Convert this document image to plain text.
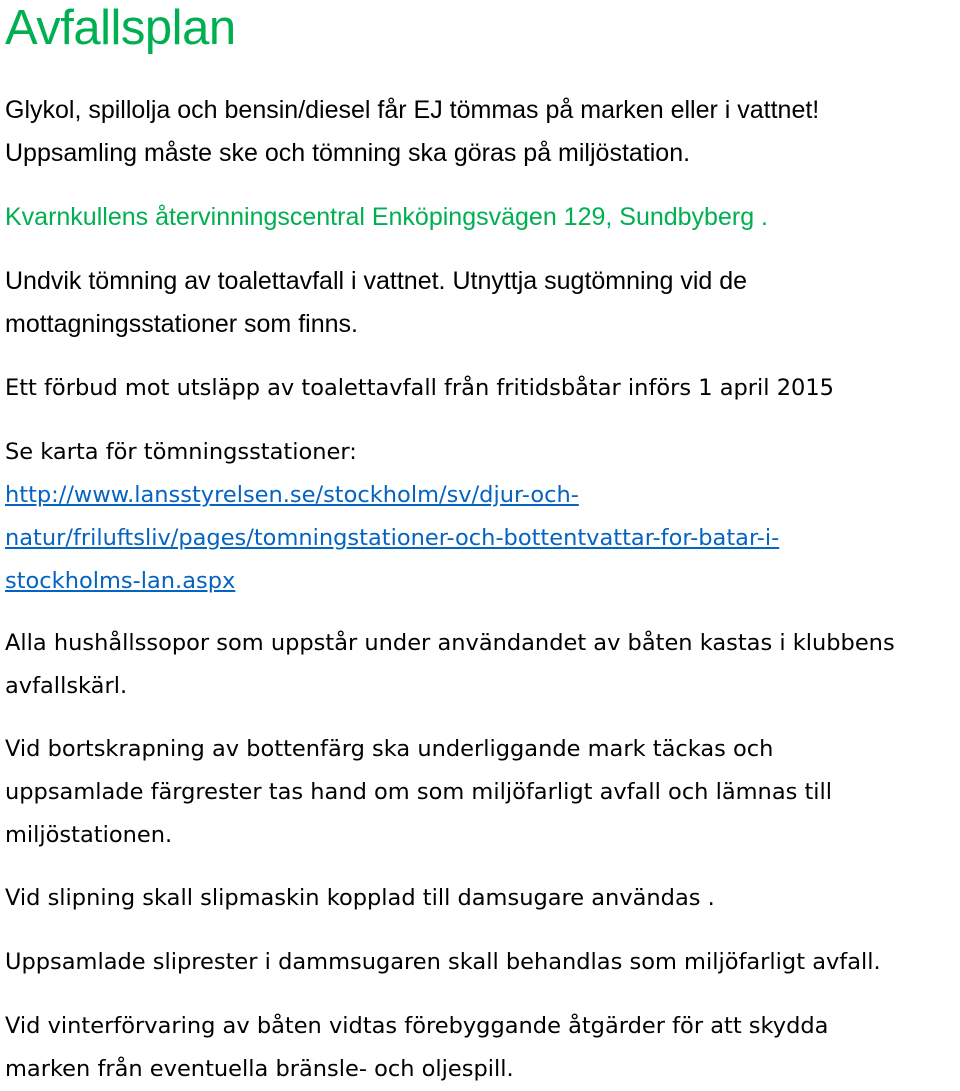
Avfallsplan
Glykol, spillolja och bensin/diesel får EJ tömmas på marken eller i vattnet!
Uppsamling måste ske och tömning ska göras på miljöstation.
Kvarnkullens återvinningscentral Enköpingsvägen 129, Sundbyberg .
Undvik tömning av toalettavfall i vattnet. Utnyttja sugtömning vid de
mottagningsstationer som finns.
Ett förbud mot utsläpp av toalettavfall från fritidsbåtar införs 1 april 2015
Se karta för tömningsstationer:
http://www.lansstyrelsen.se/stockholm/sv/djur-och-
natur/friluftsliv/pages/tomningstationer-och-bottentvattar-for-batar-i-
stockholms-lan.aspx
Alla hushållssopor som uppstår under användandet av båten kastas i klubbens
avfallskärl.
Vid bortskrapning av bottenfärg ska underliggande mark täckas och
uppsamlade färgrester tas hand om som miljöfarligt avfall och lämnas till
miljöstationen.
Vid slipning skall slipmaskin kopplad till damsugare användas .
Uppsamlade sliprester i dammsugaren skall behandlas som miljöfarligt avfall.
Vid vinterförvaring av båten vidtas förebyggande åtgärder för att skydda
marken från eventuella bränsle- och oljespill.
